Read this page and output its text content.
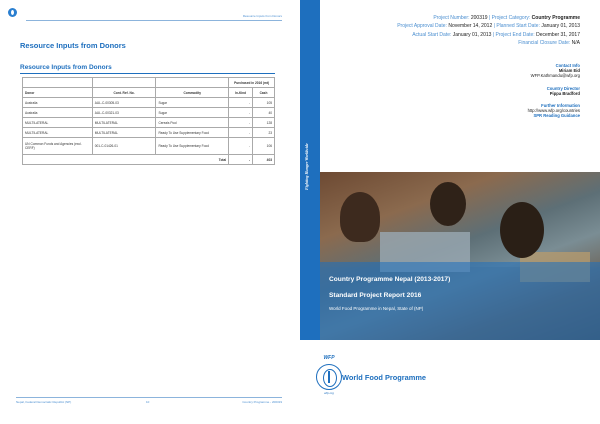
Resource Inputs from Donors
Resource Inputs from Donors
Resource Inputs from Donors
			Purchased in 2016 (mt)	
Donor	Cont. Ref. No.	Commodity	In-Kind	Cash
Australia	AUL-C-00305-03	Sugar	-	105
Australia	AUL-C-00321-03	Sugar	-	40
MULTILATERAL	MULTILATERAL	Cereals Pool	-	128
MULTILATERAL	MULTILATERAL	Ready To Use Supplementary Food	-	23
UN Common Funds and Agencies (excl. CERF)	001-C-01426-01	Ready To Use Supplementary Food	-	106
Total			-	403
Nepal, Federal Democratic Republic (NP)	10	Country Programme - 200319
Fighting Hunger Worldwide
Project Number: 200319 | Project Category: Country Programme
Project Approval Date: November 14, 2012 | Planned Start Date: January 01, 2013
Actual Start Date: January 01, 2013 | Project End Date: December 31, 2017
Financial Closure Date: N/A
Contact Info
Miriam Eid
WFP.Kathmandu@wfp.org
Country Director
Pippa Bradford
Further Information
http://www.wfp.org/countries
SPR Reading Guidance
Country Programme Nepal (2013-2017)
Standard Project Report 2016
World Food Programme in Nepal, State of (NP)
WFP
wfp.org
World Food Programme
